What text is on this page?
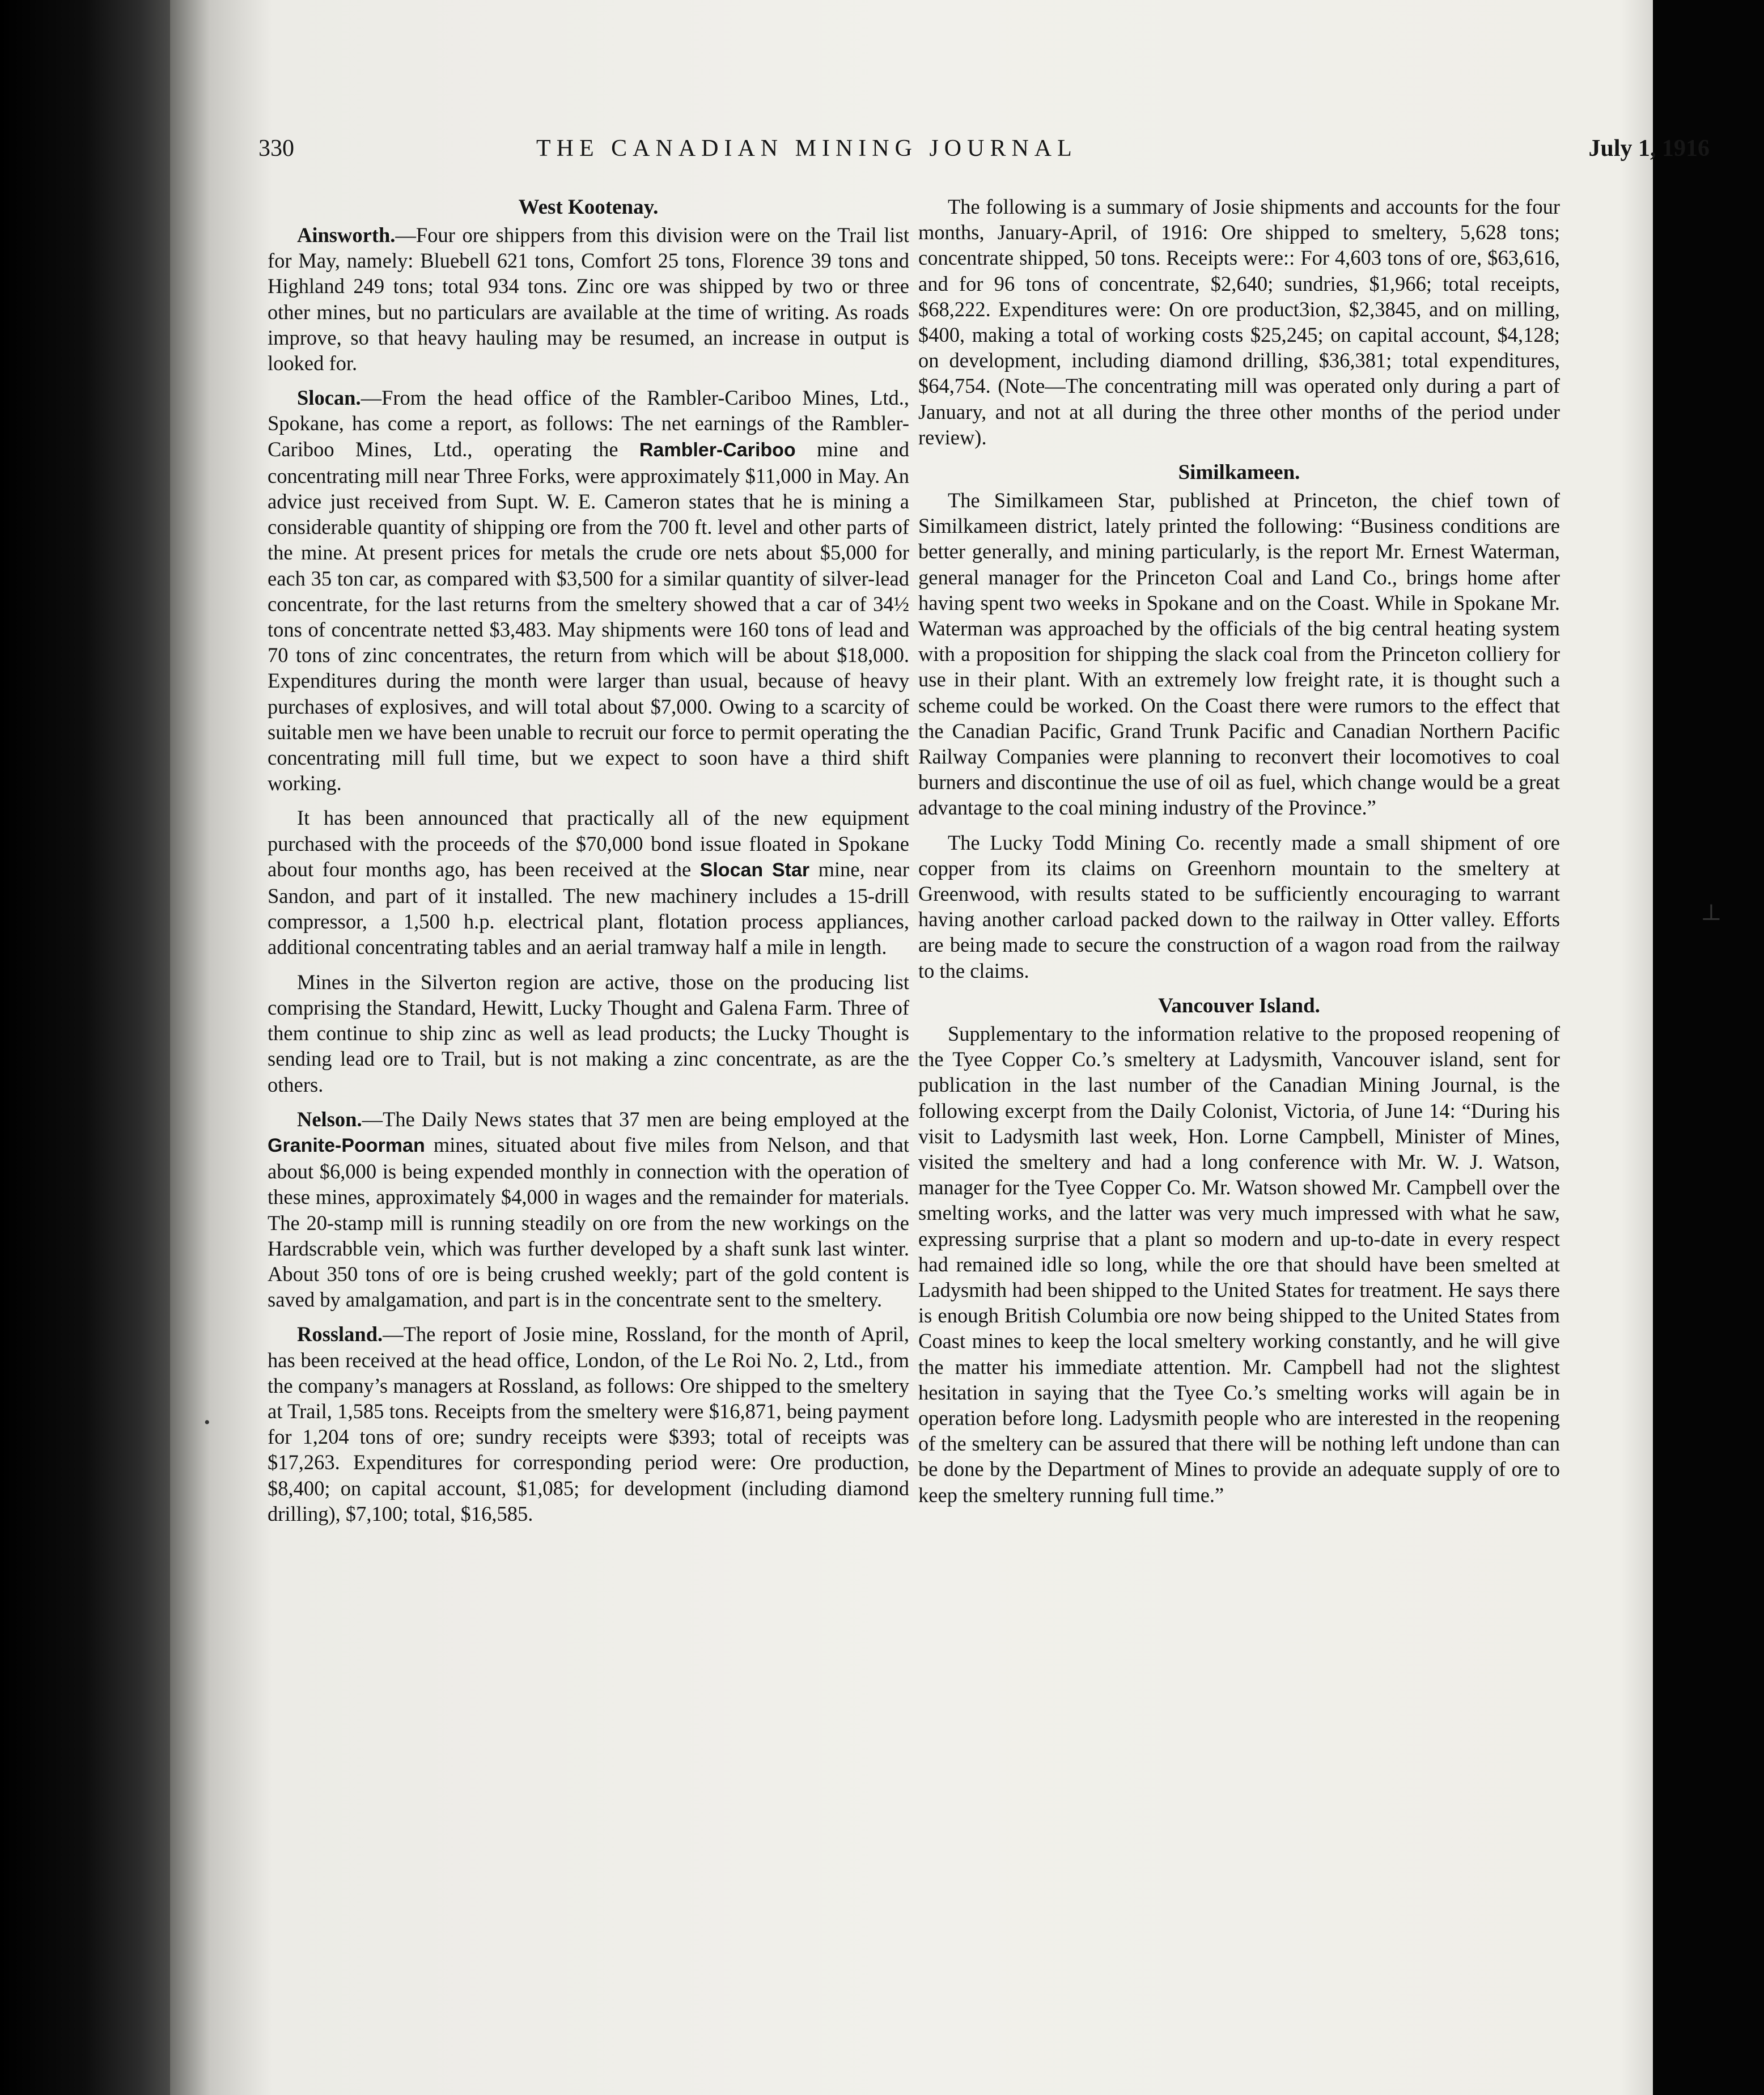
330	THE CANADIAN MINING JOURNAL	July 1, 1916
West Kootenay.

Ainsworth.—Four ore shippers from this division were on the Trail list for May, namely: Bluebell 621 tons, Comfort 25 tons, Florence 39 tons and Highland 249 tons; total 934 tons. Zinc ore was shipped by two or three other mines, but no particulars are available at the time of writing. As roads improve, so that heavy hauling may be resumed, an increase in output is looked for.

Slocan.—From the head office of the Rambler-Cariboo Mines, Ltd., Spokane, has come a report, as follows: The net earnings of the Rambler-Cariboo Mines, Ltd., operating the Rambler-Cariboo mine and concentrating mill near Three Forks, were approximately $11,000 in May. An advice just received from Supt. W. E. Cameron states that he is mining a considerable quantity of shipping ore from the 700 ft. level and other parts of the mine. At present prices for metals the crude ore nets about $5,000 for each 35 ton car, as compared with $3,500 for a similar quantity of silver-lead concentrate, for the last returns from the smeltery showed that a car of 34½ tons of concentrate netted $3,483. May shipments were 160 tons of lead and 70 tons of zinc concentrates, the return from which will be about $18,000. Expenditures during the month were larger than usual, because of heavy purchases of explosives, and will total about $7,000. Owing to a scarcity of suitable men we have been unable to recruit our force to permit operating the concentrating mill full time, but we expect to soon have a third shift working.

It has been announced that practically all of the new equipment purchased with the proceeds of the $70,000 bond issue floated in Spokane about four months ago, has been received at the Slocan Star mine, near Sandon, and part of it installed. The new machinery includes a 15-drill compressor, a 1,500 h.p. electrical plant, flotation process appliances, additional concentrating tables and an aerial tramway half a mile in length.

Mines in the Silverton region are active, those on the producing list comprising the Standard, Hewitt, Lucky Thought and Galena Farm. Three of them continue to ship zinc as well as lead products; the Lucky Thought is sending lead ore to Trail, but is not making a zinc concentrate, as are the others.

Nelson.—The Daily News states that 37 men are being employed at the Granite-Poorman mines, situated about five miles from Nelson, and that about $6,000 is being expended monthly in connection with the operation of these mines, approximately $4,000 in wages and the remainder for materials. The 20-stamp mill is running steadily on ore from the new workings on the Hardscrabble vein, which was further developed by a shaft sunk last winter. About 350 tons of ore is being crushed weekly; part of the gold content is saved by amalgamation, and part is in the concentrate sent to the smeltery.

Rossland.—The report of Josie mine, Rossland, for the month of April, has been received at the head office, London, of the Le Roi No. 2, Ltd., from the company’s managers at Rossland, as follows: Ore shipped to the smeltery at Trail, 1,585 tons. Receipts from the smeltery were $16,871, being payment for 1,204 tons of ore; sundry receipts were $393; total of receipts was $17,263. Expenditures for corresponding period were: Ore production, $8,400; on capital account, $1,085; for development (including diamond drilling), $7,100; total, $16,585.

The following is a summary of Josie shipments and accounts for the four months, January-April, of 1916: Ore shipped to smeltery, 5,628 tons; concentrate shipped, 50 tons. Receipts were:: For 4,603 tons of ore, $63,616, and for 96 tons of concentrate, $2,640; sundries, $1,966; total receipts, $68,222. Expenditures were: On ore product3ion, $2,3845, and on milling, $400, making a total of working costs $25,245; on capital account, $4,128; on development, including diamond drilling, $36,381; total expenditures, $64,754. (Note—The concentrating mill was operated only during a part of January, and not at all during the three other months of the period under review).

Similkameen.

The Similkameen Star, published at Princeton, the chief town of Similkameen district, lately printed the following: “Business conditions are better generally, and mining particularly, is the report Mr. Ernest Waterman, general manager for the Princeton Coal and Land Co., brings home after having spent two weeks in Spokane and on the Coast. While in Spokane Mr. Waterman was approached by the officials of the big central heating system with a proposition for shipping the slack coal from the Princeton colliery for use in their plant. With an extremely low freight rate, it is thought such a scheme could be worked. On the Coast there were rumors to the effect that the Canadian Pacific, Grand Trunk Pacific and Canadian Northern Pacific Railway Companies were planning to reconvert their locomotives to coal burners and discontinue the use of oil as fuel, which change would be a great advantage to the coal mining industry of the Province.”

The Lucky Todd Mining Co. recently made a small shipment of ore copper from its claims on Greenhorn mountain to the smeltery at Greenwood, with results stated to be sufficiently encouraging to warrant having another carload packed down to the railway in Otter valley. Efforts are being made to secure the construction of a wagon road from the railway to the claims.

Vancouver Island.

Supplementary to the information relative to the proposed reopening of the Tyee Copper Co.’s smeltery at Ladysmith, Vancouver island, sent for publication in the last number of the Canadian Mining Journal, is the following excerpt from the Daily Colonist, Victoria, of June 14: “During his visit to Ladysmith last week, Hon. Lorne Campbell, Minister of Mines, visited the smeltery and had a long conference with Mr. W. J. Watson, manager for the Tyee Copper Co. Mr. Watson showed Mr. Campbell over the smelting works, and the latter was very much impressed with what he saw, expressing surprise that a plant so modern and up-to-date in every respect had remained idle so long, while the ore that should have been smelted at Ladysmith had been shipped to the United States for treatment. He says there is enough British Columbia ore now being shipped to the United States from Coast mines to keep the local smeltery working constantly, and he will give the matter his immediate attention. Mr. Campbell had not the slightest hesitation in saying that the Tyee Co.’s smelting works will again be in operation before long. Ladysmith people who are interested in the reopening of the smeltery can be assured that there will be nothing left undone than can be done by the Department of Mines to provide an adequate supply of ore to keep the smeltery running full time.”

⊥
•
